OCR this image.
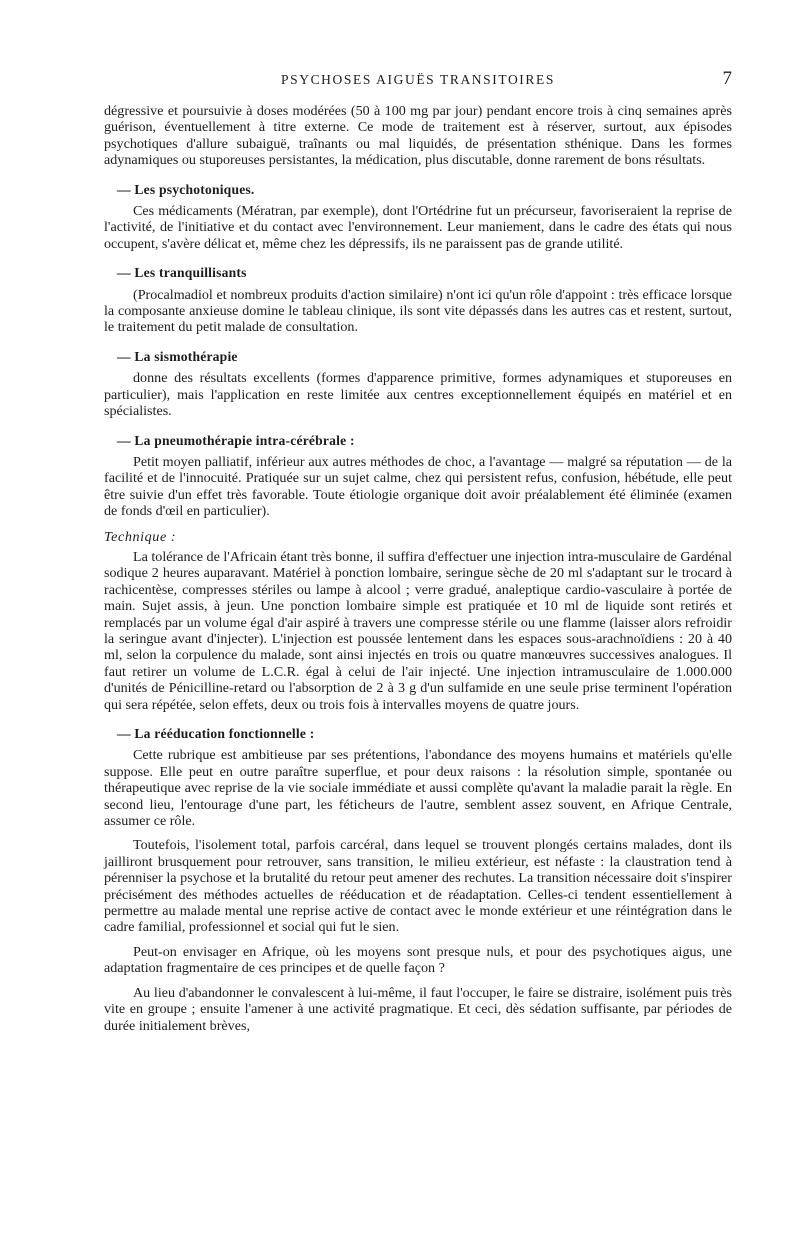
PSYCHOSES AIGUËS TRANSITOIRES	7

dégressive et poursuivie à doses modérées (50 à 100 mg par jour) pendant encore trois à cinq semaines après guérison, éventuellement à titre externe. Ce mode de traitement est à réserver, surtout, aux épisodes psychotiques d'allure subaiguë, traînants ou mal liquidés, de présentation sthénique. Dans les formes adynamiques ou stuporeuses persistantes, la médication, plus discutable, donne rarement de bons résultats.

— Les psychotoniques.

Ces médicaments (Mératran, par exemple), dont l'Ortédrine fut un précurseur, favoriseraient la reprise de l'activité, de l'initiative et du contact avec l'environnement. Leur maniement, dans le cadre des états qui nous occupent, s'avère délicat et, même chez les dépressifs, ils ne paraissent pas de grande utilité.

— Les tranquillisants

(Procalmadiol et nombreux produits d'action similaire) n'ont ici qu'un rôle d'appoint : très efficace lorsque la composante anxieuse domine le tableau clinique, ils sont vite dépassés dans les autres cas et restent, surtout, le traitement du petit malade de consultation.

— La sismothérapie

donne des résultats excellents (formes d'apparence primitive, formes adynamiques et stuporeuses en particulier), mais l'application en reste limitée aux centres exceptionnellement équipés en matériel et en spécialistes.

— La pneumothérapie intra-cérébrale :

Petit moyen palliatif, inférieur aux autres méthodes de choc, a l'avantage — malgré sa réputation — de la facilité et de l'innocuité. Pratiquée sur un sujet calme, chez qui persistent refus, confusion, hébétude, elle peut être suivie d'un effet très favorable. Toute étiologie organique doit avoir préalablement été éliminée (examen de fonds d'œil en particulier).

Technique :

La tolérance de l'Africain étant très bonne, il suffira d'effectuer une injection intra-musculaire de Gardénal sodique 2 heures auparavant. Matériel à ponction lombaire, seringue sèche de 20 ml s'adaptant sur le trocard à rachicentèse, compresses stériles ou lampe à alcool ; verre gradué, analeptique cardio-vasculaire à portée de main. Sujet assis, à jeun. Une ponction lombaire simple est pratiquée et 10 ml de liquide sont retirés et remplacés par un volume égal d'air aspiré à travers une compresse stérile ou une flamme (laisser alors refroidir la seringue avant d'injecter). L'injection est poussée lentement dans les espaces sous-arachnoïdiens : 20 à 40 ml, selon la corpulence du malade, sont ainsi injectés en trois ou quatre manœuvres successives analogues. Il faut retirer un volume de L.C.R. égal à celui de l'air injecté. Une injection intramusculaire de 1.000.000 d'unités de Pénicilline-retard ou l'absorption de 2 à 3 g d'un sulfamide en une seule prise terminent l'opération qui sera répétée, selon effets, deux ou trois fois à intervalles moyens de quatre jours.

— La rééducation fonctionnelle :

Cette rubrique est ambitieuse par ses prétentions, l'abondance des moyens humains et matériels qu'elle suppose. Elle peut en outre paraître superflue, et pour deux raisons : la résolution simple, spontanée ou thérapeutique avec reprise de la vie sociale immédiate et aussi complète qu'avant la maladie parait la règle. En second lieu, l'entourage d'une part, les féticheurs de l'autre, semblent assez souvent, en Afrique Centrale, assumer ce rôle.

Toutefois, l'isolement total, parfois carcéral, dans lequel se trouvent plongés certains malades, dont ils jailliront brusquement pour retrouver, sans transition, le milieu extérieur, est néfaste : la claustration tend à pérenniser la psychose et la brutalité du retour peut amener des rechutes. La transition nécessaire doit s'inspirer précisément des méthodes actuelles de rééducation et de réadaptation. Celles-ci tendent essentiellement à permettre au malade mental une reprise active de contact avec le monde extérieur et une réintégration dans le cadre familial, professionnel et social qui fut le sien.

Peut-on envisager en Afrique, où les moyens sont presque nuls, et pour des psychotiques aigus, une adaptation fragmentaire de ces principes et de quelle façon ?

Au lieu d'abandonner le convalescent à lui-même, il faut l'occuper, le faire se distraire, isolément puis très vite en groupe ; ensuite l'amener à une activité pragmatique. Et ceci, dès sédation suffisante, par périodes de durée initialement brèves,
